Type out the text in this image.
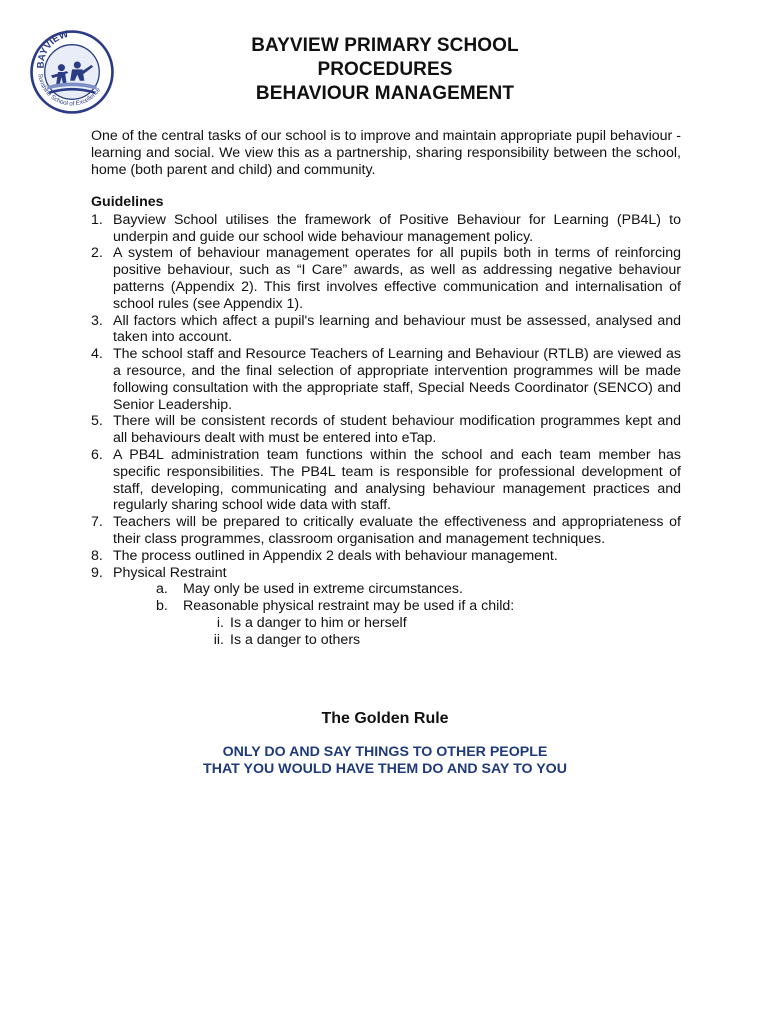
BAYVIEW
Sunshine School of Excellence
BAYVIEW PRIMARY SCHOOL
PROCEDURES
BEHAVIOUR MANAGEMENT
One of the central tasks of our school is to improve and maintain appropriate pupil behaviour - learning and social. We view this as a partnership, sharing responsibility between the school, home (both parent and child) and community.
Guidelines
1. Bayview School utilises the framework of Positive Behaviour for Learning (PB4L) to underpin and guide our school wide behaviour management policy.
2. A system of behaviour management operates for all pupils both in terms of reinforcing positive behaviour, such as “I Care” awards, as well as addressing negative behaviour patterns (Appendix 2). This first involves effective communication and internalisation of school rules (see Appendix 1).
3. All factors which affect a pupil's learning and behaviour must be assessed, analysed and taken into account.
4. The school staff and Resource Teachers of Learning and Behaviour (RTLB) are viewed as a resource, and the final selection of appropriate intervention programmes will be made following consultation with the appropriate staff, Special Needs Coordinator (SENCO) and Senior Leadership.
5. There will be consistent records of student behaviour modification programmes kept and all behaviours dealt with must be entered into eTap.
6. A PB4L administration team functions within the school and each team member has specific responsibilities. The PB4L team is responsible for professional development of staff, developing, communicating and analysing behaviour management practices and regularly sharing school wide data with staff.
7. Teachers will be prepared to critically evaluate the effectiveness and appropriateness of their class programmes, classroom organisation and management techniques.
8. The process outlined in Appendix 2 deals with behaviour management.
9. Physical Restraint
a.	May only be used in extreme circumstances.
b.	Reasonable physical restraint may be used if a child:
i. Is a danger to him or herself
ii. Is a danger to others
The Golden Rule
ONLY DO AND SAY THINGS TO OTHER PEOPLE
THAT YOU WOULD HAVE THEM DO AND SAY TO YOU
